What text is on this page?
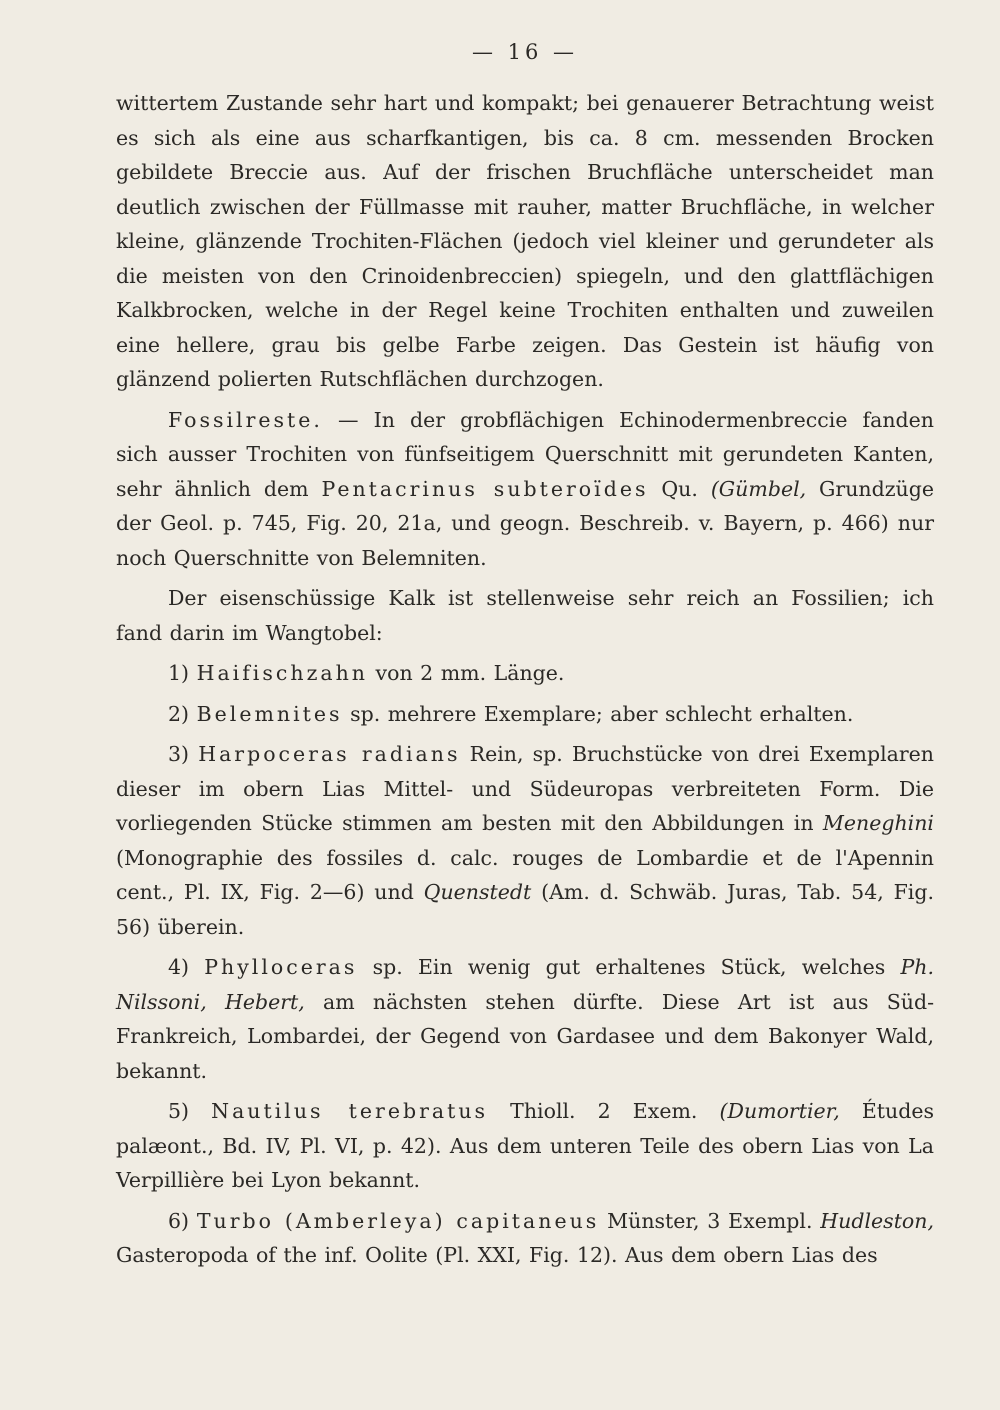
— 16 —

wittertem Zustande sehr hart und kompakt; bei genauerer Betrachtung weist es sich als eine aus scharfkantigen, bis ca. 8 cm. messenden Brocken gebildete Breccie aus. Auf der frischen Bruchfläche unterscheidet man deutlich zwischen der Füllmasse mit rauher, matter Bruchfläche, in welcher kleine, glänzende Trochiten-Flächen (jedoch viel kleiner und gerundeter als die meisten von den Crinoidenbreccien) spiegeln, und den glattflächigen Kalkbrocken, welche in der Regel keine Trochiten enthalten und zuweilen eine hellere, grau bis gelbe Farbe zeigen. Das Gestein ist häufig von glänzend polierten Rutschflächen durchzogen.

Fossilreste. — In der grobflächigen Echinodermenbreccie fanden sich ausser Trochiten von fünfseitigem Querschnitt mit gerundeten Kanten, sehr ähnlich dem Pentacrinus subteroïdes Qu. (Gümbel, Grundzüge der Geol. p. 745, Fig. 20, 21a, und geogn. Beschreib. v. Bayern, p. 466) nur noch Querschnitte von Belemniten.

Der eisenschüssige Kalk ist stellenweise sehr reich an Fossilien; ich fand darin im Wangtobel:

1) Haifischzahn von 2 mm. Länge.

2) Belemnites sp. mehrere Exemplare; aber schlecht erhalten.

3) Harpoceras radians Rein, sp. Bruchstücke von drei Exemplaren dieser im obern Lias Mittel- und Südeuropas verbreiteten Form. Die vorliegenden Stücke stimmen am besten mit den Abbildungen in Meneghini (Monographie des fossiles d. calc. rouges de Lombardie et de l'Apennin cent., Pl. IX, Fig. 2—6) und Quenstedt (Am. d. Schwäb. Juras, Tab. 54, Fig. 56) überein.

4) Phylloceras sp. Ein wenig gut erhaltenes Stück, welches Ph. Nilssoni, Hebert, am nächsten stehen dürfte. Diese Art ist aus Süd-Frankreich, Lombardei, der Gegend von Gardasee und dem Bakonyer Wald, bekannt.

5) Nautilus terebratus Thioll. 2 Exem. (Dumortier, Études palæont., Bd. IV, Pl. VI, p. 42). Aus dem unteren Teile des obern Lias von La Verpillière bei Lyon bekannt.

6) Turbo (Amberleya) capitaneus Münster, 3 Exempl. Hudleston, Gasteropoda of the inf. Oolite (Pl. XXI, Fig. 12). Aus dem obern Lias des
